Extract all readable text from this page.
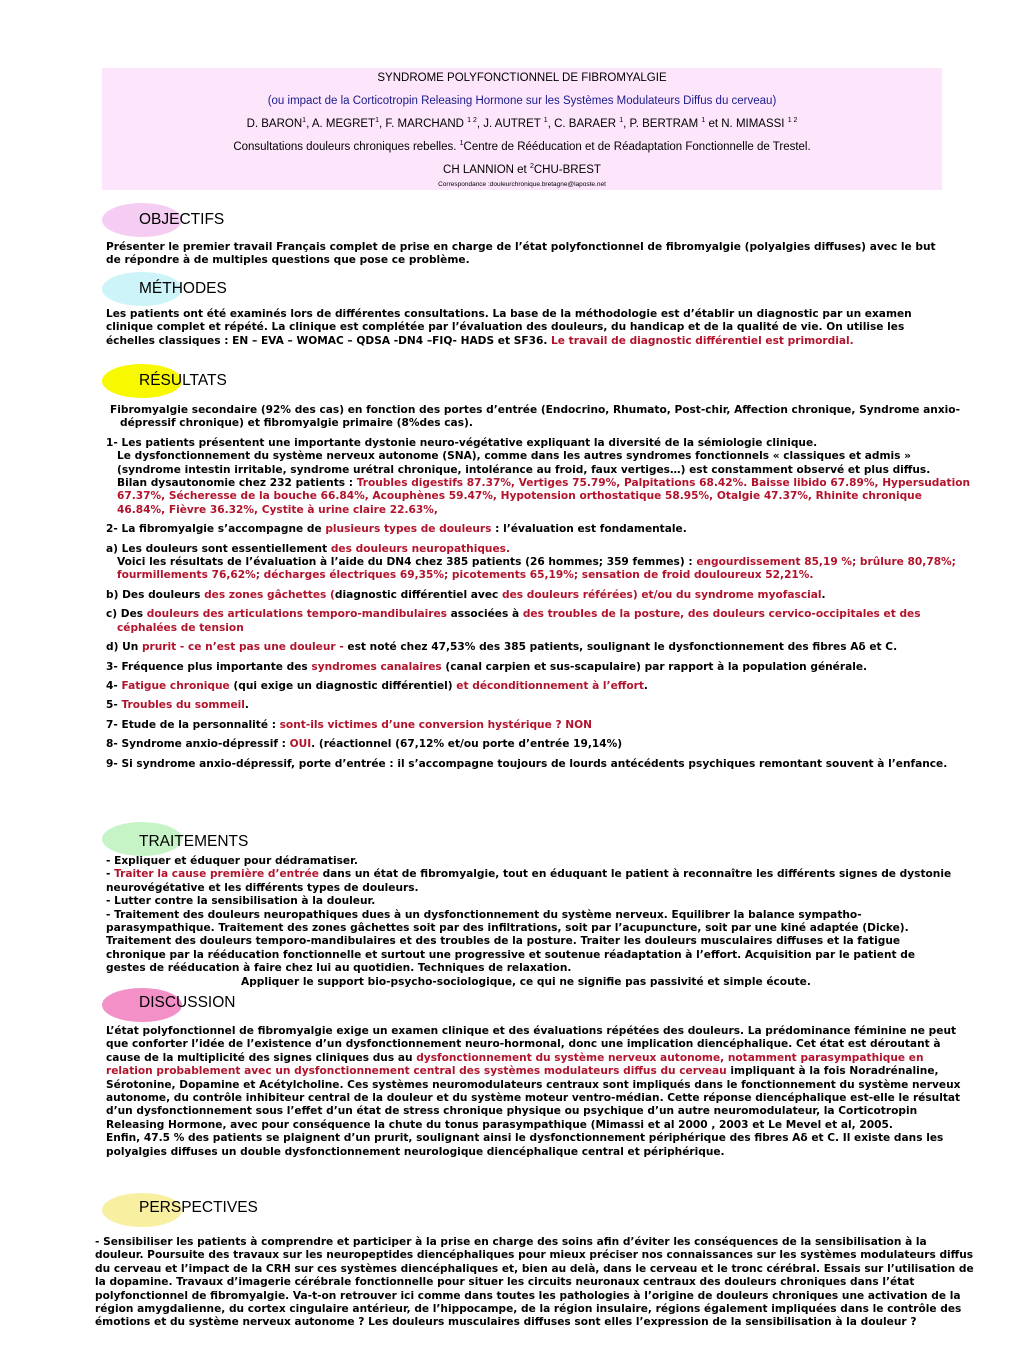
SYNDROME POLYFONCTIONNEL DE FIBROMYALGIE
(ou impact de la Corticotropin Releasing Hormone sur les Systèmes Modulateurs Diffus du cerveau)
D. BARON$^1$, A. MEGRET$^1$, F. MARCHAND $^{1 2}$, J. AUTRET $^1$, C. BARAER $^1$, P. BERTRAM $^1$ et N. MIMASSI $^{1 2}$
Consultations douleurs chroniques rebelles. $^1$Centre de Rééducation et de Réadaptation Fonctionnelle de Trestel.
CH LANNION et $^2$CHU-BREST
Correspondance :douleurchronique.bretagne@laposte.net
OBJECTIFS

Présenter le premier travail Français complet de prise en charge de l’état polyfonctionnel de fibromyalgie (polyalgies diffuses) avec le but de répondre à de multiples questions que pose ce problème.

MÉTHODES

Les patients ont été examinés lors de différentes consultations. La base de la méthodologie est d’établir un diagnostic par un examen clinique complet et répété. La clinique est complétée par l’évaluation des douleurs, du handicap et de la qualité de vie. On utilise les échelles classiques : EN – EVA – WOMAC – QDSA -DN4 –FIQ- HADS et SF36. Le travail de diagnostic différentiel est primordial.

RÉSULTATS

Fibromyalgie secondaire (92% des cas) en fonction des portes d’entrée (Endocrino, Rhumato, Post-chir, Affection chronique, Syndrome anxio-dépressif chronique) et fibromyalgie primaire (8%des cas).

1- Les patients présentent une importante dystonie neuro-végétative expliquant la diversité de la sémiologie clinique.

Le dysfonctionnement du système nerveux autonome (SNA), comme dans les autres syndromes fonctionnels « classiques et admis » (syndrome intestin irritable, syndrome urétral chronique, intolérance au froid, faux vertiges…) est constamment observé et plus diffus.

Bilan dysautonomie chez 232 patients : Troubles digestifs 87.37%, Vertiges 75.79%, Palpitations 68.42%. Baisse libido 67.89%, Hypersudation 67.37%, Sécheresse de la bouche 66.84%, Acouphènes 59.47%, Hypotension orthostatique 58.95%, Otalgie 47.37%, Rhinite chronique 46.84%, Fièvre 36.32%, Cystite à urine claire 22.63%,

2- La fibromyalgie s’accompagne de plusieurs types de douleurs : l’évaluation est fondamentale.

a) Les douleurs sont essentiellement des douleurs neuropathiques.

Voici les résultats de l’évaluation à l’aide du DN4 chez 385 patients (26 hommes; 359 femmes) : engourdissement 85,19 %; brûlure 80,78%; fourmillements 76,62%; décharges électriques 69,35%; picotements 65,19%; sensation de froid douloureux 52,21%.

b) Des douleurs des zones gâchettes (diagnostic différentiel avec des douleurs référées) et/ou du syndrome myofascial.

c) Des douleurs des articulations temporo-mandibulaires associées à des troubles de la posture, des douleurs cervico-occipitales et des céphalées de tension

d) Un prurit - ce n’est pas une douleur - est noté chez 47,53% des 385 patients, soulignant le dysfonctionnement des fibres Aδ et C.

3- Fréquence plus importante des syndromes canalaires (canal carpien et sus-scapulaire) par rapport à la population générale.

4- Fatigue chronique (qui exige un diagnostic différentiel) et déconditionnement à l’effort.

5- Troubles du sommeil.

7- Etude de la personnalité : sont-ils victimes d’une conversion hystérique ? NON

8- Syndrome anxio-dépressif : OUI. (réactionnel (67,12% et/ou porte d’entrée 19,14%)

9- Si syndrome anxio-dépressif, porte d’entrée : il s’accompagne toujours de lourds antécédents psychiques remontant souvent à l’enfance.

TRAITEMENTS

- Expliquer et éduquer pour dédramatiser.

- Traiter la cause première d’entrée dans un état de fibromyalgie, tout en éduquant le patient à reconnaître les différents signes de dystonie neurovégétative et les différents types de douleurs.

- Lutter contre la sensibilisation à la douleur.

- Traitement des douleurs neuropathiques dues à un dysfonctionnement du système nerveux. Equilibrer la balance sympatho-parasympathique. Traitement des zones gâchettes soit par des infiltrations, soit par l’acupuncture, soit par une kiné adaptée (Dicke). Traitement des douleurs temporo-mandibulaires et des troubles de la posture. Traiter les douleurs musculaires diffuses et la fatigue chronique par la rééducation fonctionnelle et surtout une progressive et soutenue réadaptation à l’effort. Acquisition par le patient de gestes de rééducation à faire chez lui au quotidien. Techniques de relaxation.

Appliquer le support bio-psycho-sociologique, ce qui ne signifie pas passivité et simple écoute.

DISCUSSION

L’état polyfonctionnel de fibromyalgie exige un examen clinique et des évaluations répétées des douleurs. La prédominance féminine ne peut que conforter l’idée de l’existence d’un dysfonctionnement neuro-hormonal, donc une implication diencéphalique. Cet état est déroutant à cause de la multiplicité des signes cliniques dus au dysfonctionnement du système nerveux autonome, notamment parasympathique en relation probablement avec un dysfonctionnement central des systèmes modulateurs diffus du cerveau impliquant à la fois Noradrénaline, Sérotonine, Dopamine et Acétylcholine. Ces systèmes neuromodulateurs centraux sont impliqués dans le fonctionnement du système nerveux autonome, du contrôle inhibiteur central de la douleur et du système moteur ventro-médian. Cette réponse diencéphalique est-elle le résultat d’un dysfonctionnement sous l’effet d’un état de stress chronique physique ou psychique d’un autre neuromodulateur, la Corticotropin Releasing Hormone, avec pour conséquence la chute du tonus parasympathique (Mimassi et al 2000 , 2003 et Le Mevel et al, 2005.

Enfin, 47.5 % des patients se plaignent d’un prurit, soulignant ainsi le dysfonctionnement périphérique des fibres Aδ et C. Il existe dans les polyalgies diffuses un double dysfonctionnement neurologique diencéphalique central et périphérique.

PERSPECTIVES

- Sensibiliser les patients à comprendre et participer à la prise en charge des soins afin d’éviter les conséquences de la sensibilisation à la douleur. Poursuite des travaux sur les neuropeptides diencéphaliques pour mieux préciser nos connaissances sur les systèmes modulateurs diffus du cerveau et l’impact de la CRH sur ces systèmes diencéphaliques et, bien au delà, dans le cerveau et le tronc cérébral. Essais sur l’utilisation de la dopamine. Travaux d’imagerie cérébrale fonctionnelle pour situer les circuits neuronaux centraux des douleurs chroniques dans l’état polyfonctionnel de fibromyalgie. Va-t-on retrouver ici comme dans toutes les pathologies à l’origine de douleurs chroniques une activation de la région amygdalienne, du cortex cingulaire antérieur, de l’hippocampe, de la région insulaire, régions également impliquées dans le contrôle des émotions et du système nerveux autonome ? Les douleurs musculaires diffuses sont elles l’expression de la sensibilisation à la douleur ?
